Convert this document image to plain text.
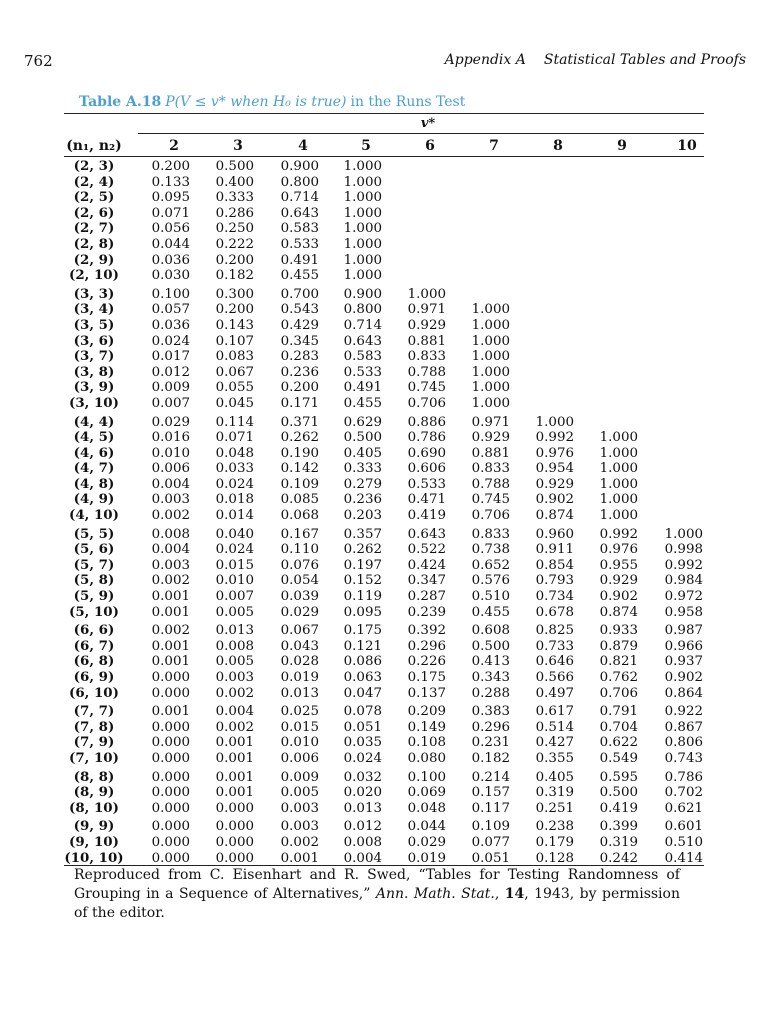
762	Appendix A Statistical Tables and Proofs
Table A.18 P(V ≤ v* when H₀ is true) in the Runs Test
v*
(n₁, n₂)	2	3	4	5	6	7	8	9	10
(2, 3)	0.200	0.500	0.900	1.000
(2, 4)	0.133	0.400	0.800	1.000
(2, 5)	0.095	0.333	0.714	1.000
(2, 6)	0.071	0.286	0.643	1.000
(2, 7)	0.056	0.250	0.583	1.000
(2, 8)	0.044	0.222	0.533	1.000
(2, 9)	0.036	0.200	0.491	1.000
(2, 10)	0.030	0.182	0.455	1.000
(3, 3)	0.100	0.300	0.700	0.900	1.000
(3, 4)	0.057	0.200	0.543	0.800	0.971	1.000
(3, 5)	0.036	0.143	0.429	0.714	0.929	1.000
(3, 6)	0.024	0.107	0.345	0.643	0.881	1.000
(3, 7)	0.017	0.083	0.283	0.583	0.833	1.000
(3, 8)	0.012	0.067	0.236	0.533	0.788	1.000
(3, 9)	0.009	0.055	0.200	0.491	0.745	1.000
(3, 10)	0.007	0.045	0.171	0.455	0.706	1.000
(4, 4)	0.029	0.114	0.371	0.629	0.886	0.971	1.000
(4, 5)	0.016	0.071	0.262	0.500	0.786	0.929	0.992	1.000
(4, 6)	0.010	0.048	0.190	0.405	0.690	0.881	0.976	1.000
(4, 7)	0.006	0.033	0.142	0.333	0.606	0.833	0.954	1.000
(4, 8)	0.004	0.024	0.109	0.279	0.533	0.788	0.929	1.000
(4, 9)	0.003	0.018	0.085	0.236	0.471	0.745	0.902	1.000
(4, 10)	0.002	0.014	0.068	0.203	0.419	0.706	0.874	1.000
(5, 5)	0.008	0.040	0.167	0.357	0.643	0.833	0.960	0.992	1.000
(5, 6)	0.004	0.024	0.110	0.262	0.522	0.738	0.911	0.976	0.998
(5, 7)	0.003	0.015	0.076	0.197	0.424	0.652	0.854	0.955	0.992
(5, 8)	0.002	0.010	0.054	0.152	0.347	0.576	0.793	0.929	0.984
(5, 9)	0.001	0.007	0.039	0.119	0.287	0.510	0.734	0.902	0.972
(5, 10)	0.001	0.005	0.029	0.095	0.239	0.455	0.678	0.874	0.958
(6, 6)	0.002	0.013	0.067	0.175	0.392	0.608	0.825	0.933	0.987
(6, 7)	0.001	0.008	0.043	0.121	0.296	0.500	0.733	0.879	0.966
(6, 8)	0.001	0.005	0.028	0.086	0.226	0.413	0.646	0.821	0.937
(6, 9)	0.000	0.003	0.019	0.063	0.175	0.343	0.566	0.762	0.902
(6, 10)	0.000	0.002	0.013	0.047	0.137	0.288	0.497	0.706	0.864
(7, 7)	0.001	0.004	0.025	0.078	0.209	0.383	0.617	0.791	0.922
(7, 8)	0.000	0.002	0.015	0.051	0.149	0.296	0.514	0.704	0.867
(7, 9)	0.000	0.001	0.010	0.035	0.108	0.231	0.427	0.622	0.806
(7, 10)	0.000	0.001	0.006	0.024	0.080	0.182	0.355	0.549	0.743
(8, 8)	0.000	0.001	0.009	0.032	0.100	0.214	0.405	0.595	0.786
(8, 9)	0.000	0.001	0.005	0.020	0.069	0.157	0.319	0.500	0.702
(8, 10)	0.000	0.000	0.003	0.013	0.048	0.117	0.251	0.419	0.621
(9, 9)	0.000	0.000	0.003	0.012	0.044	0.109	0.238	0.399	0.601
(9, 10)	0.000	0.000	0.002	0.008	0.029	0.077	0.179	0.319	0.510
(10, 10)	0.000	0.000	0.001	0.004	0.019	0.051	0.128	0.242	0.414
Reproduced from C. Eisenhart and R. Swed, “Tables for Testing Randomness of Grouping in a Sequence of Alternatives,” Ann. Math. Stat., 14, 1943, by permission of the editor.
